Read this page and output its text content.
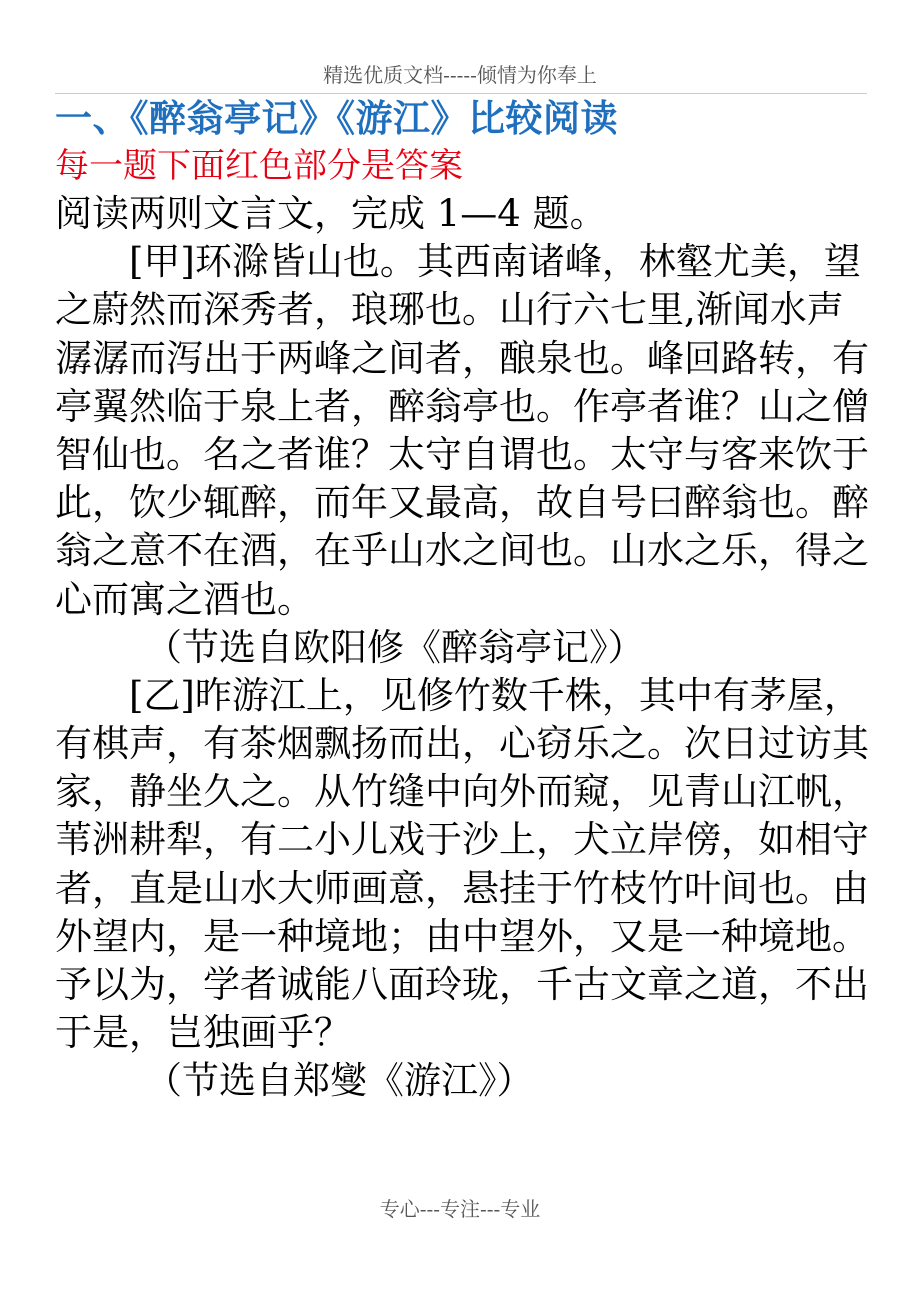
精选优质文档-----倾情为你奉上
一、《醉翁亭记》《游江》比较阅读
每一题下面红色部分是答案
阅读两则文言文，完成 1—4 题。
[甲]环滁皆山也。其西南诸峰，林壑尤美，望
之蔚然而深秀者，琅琊也。山行六七里,渐闻水声
潺潺而泻出于两峰之间者，酿泉也。峰回路转，有
亭翼然临于泉上者，醉翁亭也。作亭者谁？山之僧
智仙也。名之者谁？太守自谓也。太守与客来饮于
此，饮少辄醉，而年又最高，故自号曰醉翁也。醉
翁之意不在酒，在乎山水之间也。山水之乐，得之
心而寓之酒也。
（节选自欧阳修《醉翁亭记》）
[乙]昨游江上，见修竹数千株，其中有茅屋，
有棋声，有茶烟飘扬而出，心窃乐之。次日过访其
家，静坐久之。从竹缝中向外而窥，见青山江帆，
苇洲耕犁，有二小儿戏于沙上，犬立岸傍，如相守
者，直是山水大师画意，悬挂于竹枝竹叶间也。由
外望内，是一种境地；由中望外，又是一种境地。
予以为，学者诚能八面玲珑，千古文章之道，不出
于是，岂独画乎？
（节选自郑燮《游江》）
专心---专注---专业
